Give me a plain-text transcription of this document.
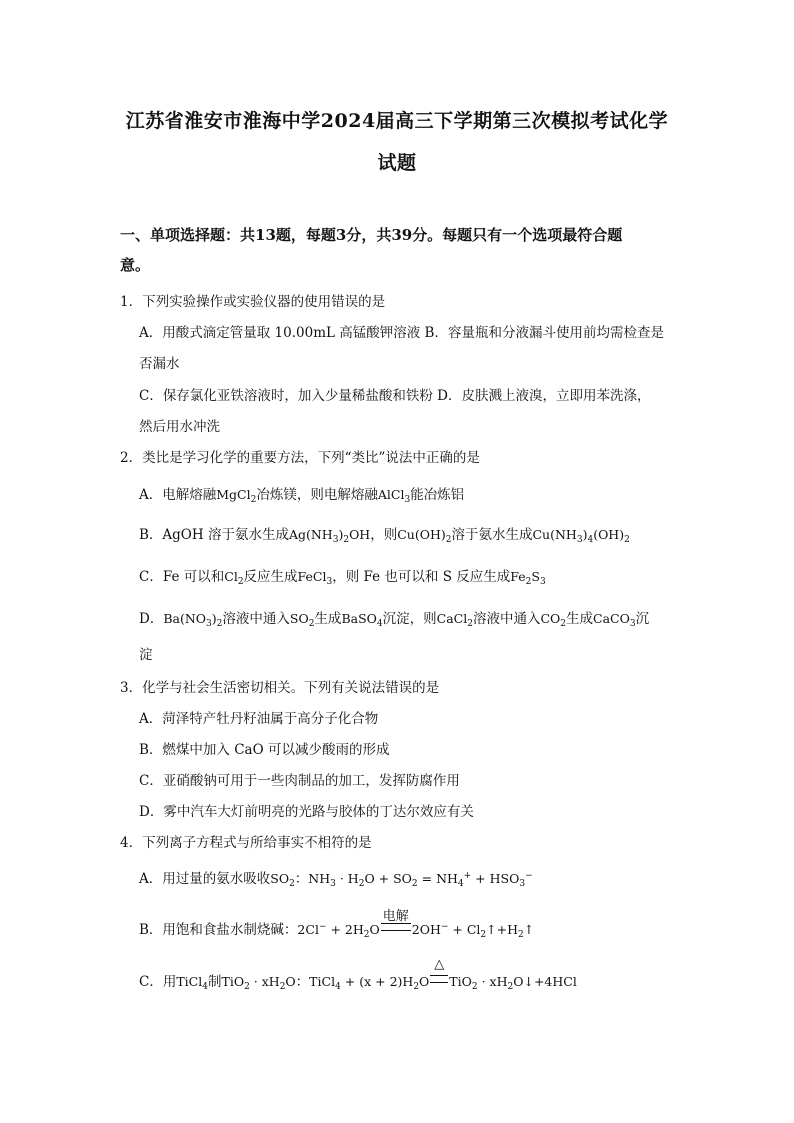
江苏省淮安市淮海中学2024届高三下学期第三次模拟考试化学
试题
一、单项选择题：共13题，每题3分，共39分。每题只有一个选项最符合题
意。
1．下列实验操作或实验仪器的使用错误的是
A．用酸式滴定管量取 10.00mL 高锰酸钾溶液 B．容量瓶和分液漏斗使用前均需检查是
否漏水
C．保存氯化亚铁溶液时，加入少量稀盐酸和铁粉 D．皮肤溅上液溴，立即用苯洗涤，
然后用水冲洗
2．类比是学习化学的重要方法，下列“类比”说法中正确的是
A．电解熔融MgCl$_2$冶炼镁，则电解熔融AlCl$_3$能冶炼铝
B．AgOH 溶于氨水生成$Ag(NH_3)_2OH$，则$Cu(OH)_2$溶于氨水生成$Cu(NH_3)_4(OH)_2$
C．Fe 可以和$Cl_2$反应生成FeCl$_3$，则 Fe 也可以和 S 反应生成$Fe_2S_3$
D．$Ba(NO_3)_2$溶液中通入$SO_2$生成BaSO$_4$沉淀，则CaCl$_2$溶液中通入$CO_2$生成CaCO$_3$沉
淀
3．化学与社会生活密切相关。下列有关说法错误的是
A．菏泽特产牡丹籽油属于高分子化合物
B．燃煤中加入 CaO 可以减少酸雨的形成
C．亚硝酸钠可用于一些肉制品的加工，发挥防腐作用
D．雾中汽车大灯前明亮的光路与胶体的丁达尔效应有关
4．下列离子方程式与所给事实不相符的是
A．用过量的氨水吸收$SO_2$：$NH_3 \cdot H_2O + SO_2 = NH_4^+ + HSO_3^-$
B．用饱和食盐水制烧碱：$2Cl^- + 2H_2O$
电解
$2OH^- + Cl_2↑+H_2↑$
C．用TiCl$_4$制$TiO_2 \cdot xH_2O$：TiCl$_4$ + $(x + 2)H_2O$
△
$TiO_2 \cdot xH_2O↓+4HCl$
